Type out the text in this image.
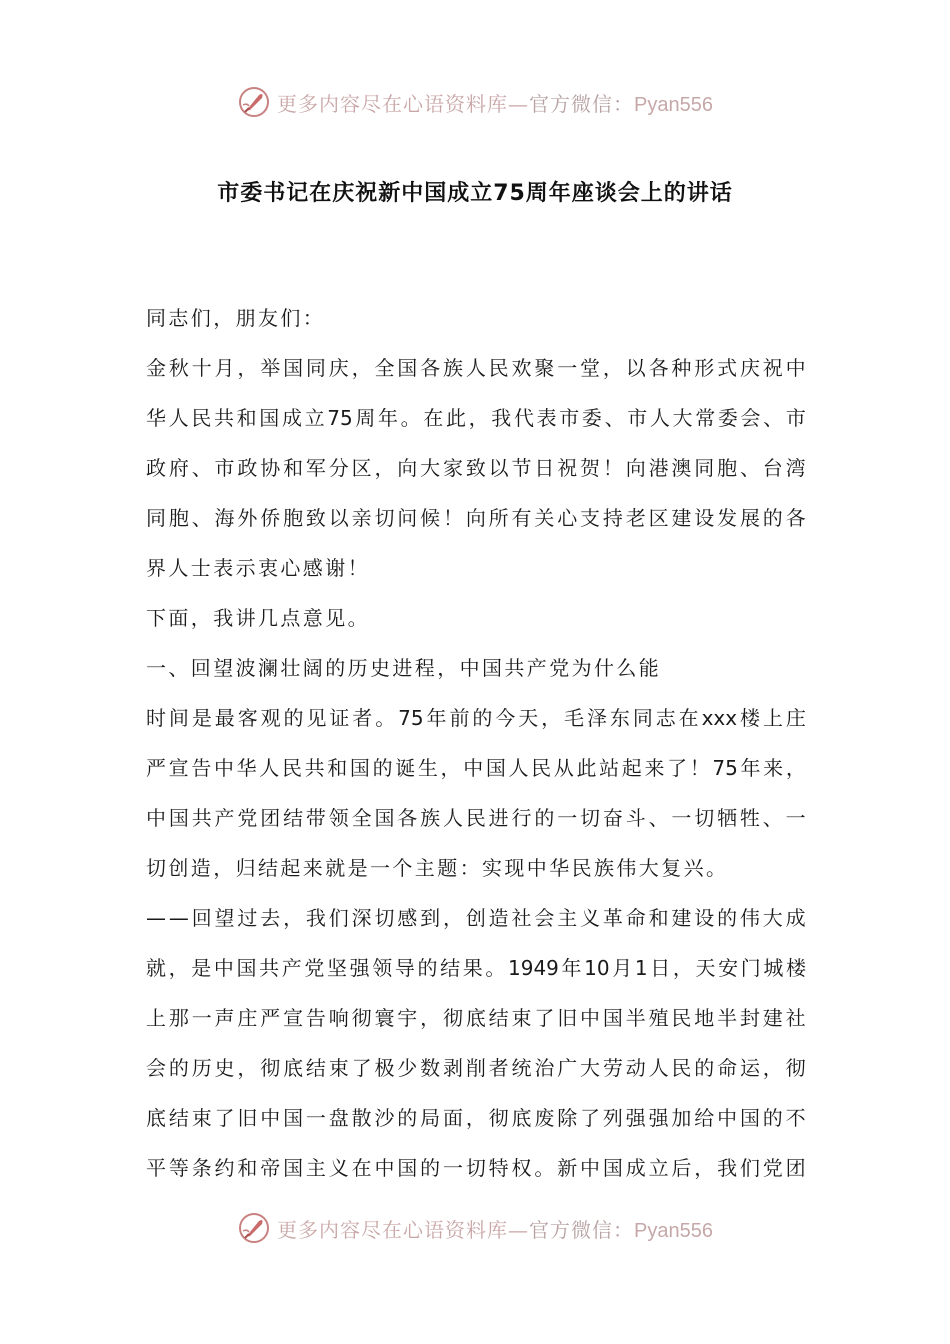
更多内容尽在心语资料库—官方微信：Pyan556
市委书记在庆祝新中国成立75周年座谈会上的讲话
同志们，朋友们：
金 秋 十 月 ， 举 国 同 庆 ， 全 国 各 族 人 民 欢 聚 一 堂 ， 以 各 种 形 式 庆 祝 中
华 人 民 共 和 国 成 立 75 周 年 。 在 此 ， 我 代 表 市 委 、 市 人 大 常 委 会 、 市
政 府 、 市 政 协 和 军 分 区 ， 向 大 家 致 以 节 日 祝 贺 ！ 向 港 澳 同 胞 、 台 湾
同 胞 、 海 外 侨 胞 致 以 亲 切 问 候 ！ 向 所 有 关 心 支 持 老 区 建 设 发 展 的 各
界人士表示衷心感谢！
下面，我讲几点意见。
一、回望波澜壮阔的历史进程，中国共产党为什么能
时 间 是 最 客 观 的 见 证 者 。 75 年 前 的 今 天 ， 毛 泽 东 同 志 在 xxx 楼 上 庄
严 宣 告 中 华 人 民 共 和 国 的 诞 生 ， 中 国 人 民 从 此 站 起 来 了 ！ 75 年 来 ，
中 国 共 产 党 团 结 带 领 全 国 各 族 人 民 进 行 的 一 切 奋 斗 、 一 切 牺 牲 、 一
切创造，归结起来就是一个主题：实现中华民族伟大复兴。
— — 回 望 过 去 ， 我 们 深 切 感 到 ， 创 造 社 会 主 义 革 命 和 建 设 的 伟 大 成
就 ， 是 中 国 共 产 党 坚 强 领 导 的 结 果 。 1949 年 10 月 1 日 ， 天 安 门 城 楼
上 那 一 声 庄 严 宣 告 响 彻 寰 宇 ， 彻 底 结 束 了 旧 中 国 半 殖 民 地 半 封 建 社
会 的 历 史 ， 彻 底 结 束 了 极 少 数 剥 削 者 统 治 广 大 劳 动 人 民 的 命 运 ， 彻
底 结 束 了 旧 中 国 一 盘 散 沙 的 局 面 ， 彻 底 废 除 了 列 强 强 加 给 中 国 的 不
平 等 条 约 和 帝 国 主 义 在 中 国 的 一 切 特 权 。 新 中 国 成 立 后 ， 我 们 党 团
更多内容尽在心语资料库—官方微信：Pyan556
